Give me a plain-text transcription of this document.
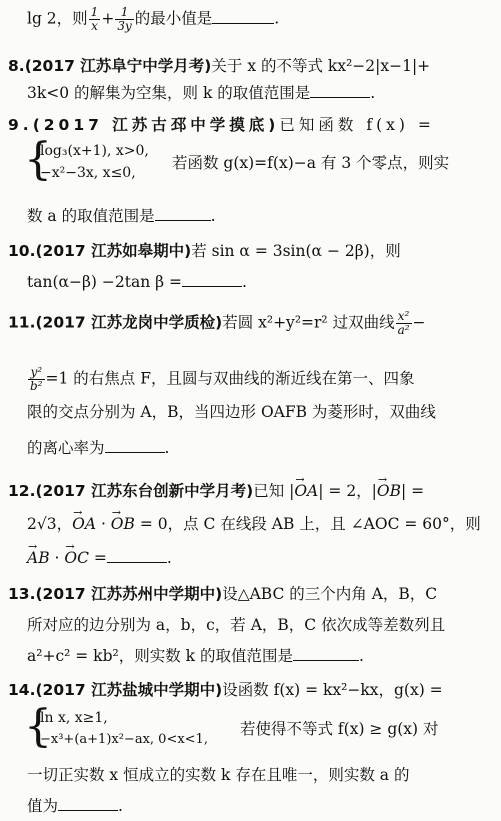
lg 2，则 $\frac{1}{x} + \frac{1}{3y}$ 的最小值是	.
8.(2017 江苏阜宁中学月考)关于 x 的不等式 kx²−2|x−1|+
3k<0 的解集为空集，则 k 的取值范围是	.
9.(2017 江苏古邳中学摸底)已知函数 f(x) =
{
log₃(x+1), x>0,
−x²−3x, x≤0,
若函数 g(x)=f(x)−a 有 3 个零点，则实
数 a 的取值范围是	.
10.(2017 江苏如皋期中)若 sin α = 3sin(α − 2β)，则
tan(α−β) −2tan β =	.
11.(2017 江苏龙岗中学质检)若圆 x²+y²=r² 过双曲线 $\frac{\text{x²}}{\text{a²}}$ −
$\frac{\text{y²}}{\text{b²}} =1$ 的右焦点 F，且圆与双曲线的渐近线在第一、四象
限的交点分别为 A，B，当四边形 OAFB 为菱形时，双曲线
的离心率为	.
12.(2017 江苏东台创新中学月考)已知 |→ OA| = 2，|→ OB| =
2√3，→ OA · → OB = 0，点 C 在线段 AB 上，且 ∠AOC = 60°，则
→ AB · → OC =	.
13.(2017 江苏苏州中学期中)设△ABC 的三个内角 A，B，C
所对应的边分别为 a，b，c，若 A，B，C 依次成等差数列且
a²+c² = kb²，则实数 k 的取值范围是	.
14.(2017 江苏盐城中学期中)设函数 f(x) = kx²−kx，g(x) =
{
ln x, x≥1,
−x³+(a+1)x²−ax, 0<x<1,
若使得不等式 f(x) ≥ g(x) 对
一切正实数 x 恒成立的实数 k 存在且唯一，则实数 a 的
值为	.
